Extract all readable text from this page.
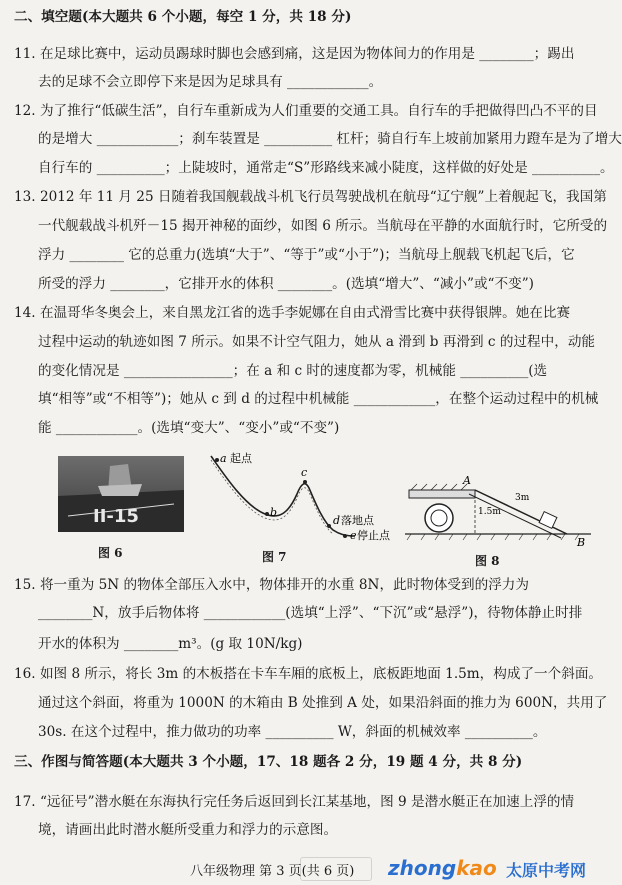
二、填空题(本大题共 6 个小题，每空 1 分，共 18 分)
11. 在足球比赛中，运动员踢球时脚也会感到痛，这是因为物体间力的作用是 ________；踢出
去的足球不会立即停下来是因为足球具有 ____________。
12. 为了推行“低碳生活”，自行车重新成为人们重要的交通工具。自行车的手把做得凹凸不平的目
的是增大 ____________；刹车装置是 __________ 杠杆；骑自行车上坡前加紧用力蹬车是为了增大
自行车的 __________；上陡坡时，通常走“S”形路线来减小陡度，这样做的好处是 __________。
13. 2012 年 11 月 25 日随着我国舰载战斗机飞行员驾驶战机在航母“辽宁舰”上着舰起飞，我国第
一代舰载战斗机歼－15 揭开神秘的面纱，如图 6 所示。当航母在平静的水面航行时，它所受的
浮力 ________ 它的总重力(选填“大于”、“等于”或“小于”)；当航母上舰载飞机起飞后，它
所受的浮力 ________，它排开水的体积 ________。(选填“增大”、“减小”或“不变”)
14. 在温哥华冬奥会上，来自黑龙江省的选手李妮娜在自由式滑雪比赛中获得银牌。她在比赛
过程中运动的轨迹如图 7 所示。如果不计空气阻力，她从 a 滑到 b 再滑到 c 的过程中，动能
的变化情况是 ________________；在 a 和 c 时的速度都为零，机械能 __________(选
填“相等”或“不相等”)；她从 c 到 d 的过程中机械能 ____________，在整个运动过程中的机械
能 ____________。(选填“变大”、“变小”或“不变”)
II-15
图 6
a 起点
b
c
d 落地点
e 停止点
图 7
A
B
3m
1.5m
图 8
15. 将一重为 5N 的物体全部压入水中，物体排开的水重 8N，此时物体受到的浮力为
________N，放手后物体将 ____________(选填“上浮”、“下沉”或“悬浮”)，待物体静止时排
开水的体积为 ________m³。(g 取 10N/kg)
16. 如图 8 所示，将长 3m 的木板搭在卡车车厢的底板上，底板距地面 1.5m，构成了一个斜面。
通过这个斜面，将重为 1000N 的木箱由 B 处推到 A 处，如果沿斜面的推力为 600N，共用了
30s. 在这个过程中，推力做功的功率 __________ W，斜面的机械效率 __________。
三、作图与简答题(本大题共 3 个小题，17、18 题各 2 分，19 题 4 分，共 8 分)
17. “远征号”潜水艇在东海执行完任务后返回到长江某基地，图 9 是潜水艇正在加速上浮的情
境，请画出此时潜水艇所受重力和浮力的示意图。
八年级物理 第 3 页(共 6 页) zhongkao 太原中考网
